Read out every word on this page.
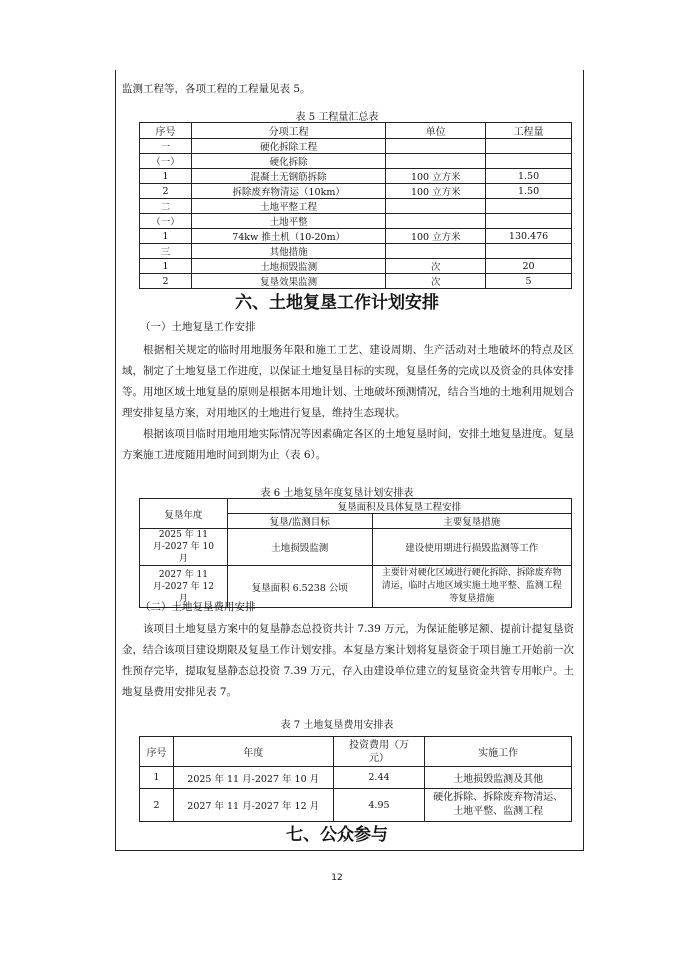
监测工程等，各项工程的工程量见表 5。
表 5 工程量汇总表
序号	分项工程	单位	工程量
一	硬化拆除工程		
（一）	硬化拆除		
1	混凝土无钢筋拆除	100 立方米	1.50
2	拆除废弃物清运（10km）	100 立方米	1.50
二	土地平整工程		
（一）	土地平整		
1	74kw 推土机（10-20m）	100 立方米	130.476
三	其他措施		
1	土地损毁监测	次	20
2	复垦效果监测	次	5
六、土地复垦工作计划安排
（一）土地复垦工作安排

根据相关规定的临时用地服务年限和施工工艺、建设周期、生产活动对土地破坏的特点及区域，制定了土地复垦工作进度，以保证土地复垦目标的实现，复垦任务的完成以及资金的具体安排等。用地区域土地复垦的原则是根据本用地计划、土地破坏预测情况，结合当地的土地利用规划合理安排复垦方案，对用地区的土地进行复垦，维持生态现状。

根据该项目临时用地用地实际情况等因素确定各区的土地复垦时间，安排土地复垦进度。复垦方案施工进度随用地时间到期为止（表 6）。

表 6 土地复垦年度复垦计划安排表
复垦年度	复垦面积及具体复垦工程安排	
	复垦/监测目标	主要复垦措施
2025 年 11 月-2027 年 10 月	土地损毁监测	建设使用期进行损毁监测等工作
2027 年 11 月-2027 年 12 月	复垦面积 6.5238 公顷	主要针对硬化区域进行硬化拆除、拆除废弃物清运，临时占地区域实施土地平整、监测工程等复垦措施
（二）土地复垦费用安排

该项目土地复垦方案中的复垦静态总投资共计 7.39 万元，为保证能够足额、提前计提复垦资金，结合该项目建设期限及复垦工作计划安排。本复垦方案计划将复垦资金于项目施工开始前一次性预存完毕，提取复垦静态总投资 7.39 万元，存入由建设单位建立的复垦资金共管专用帐户。土地复垦费用安排见表 7。

表 7 土地复垦费用安排表
序号	年度	投资费用（万元）	实施工作
1	2025 年 11 月-2027 年 10 月	2.44	土地损毁监测及其他
2	2027 年 11 月-2027 年 12 月	4.95	硬化拆除、拆除废弃物清运、土地平整、监测工程
七、公众参与
12
